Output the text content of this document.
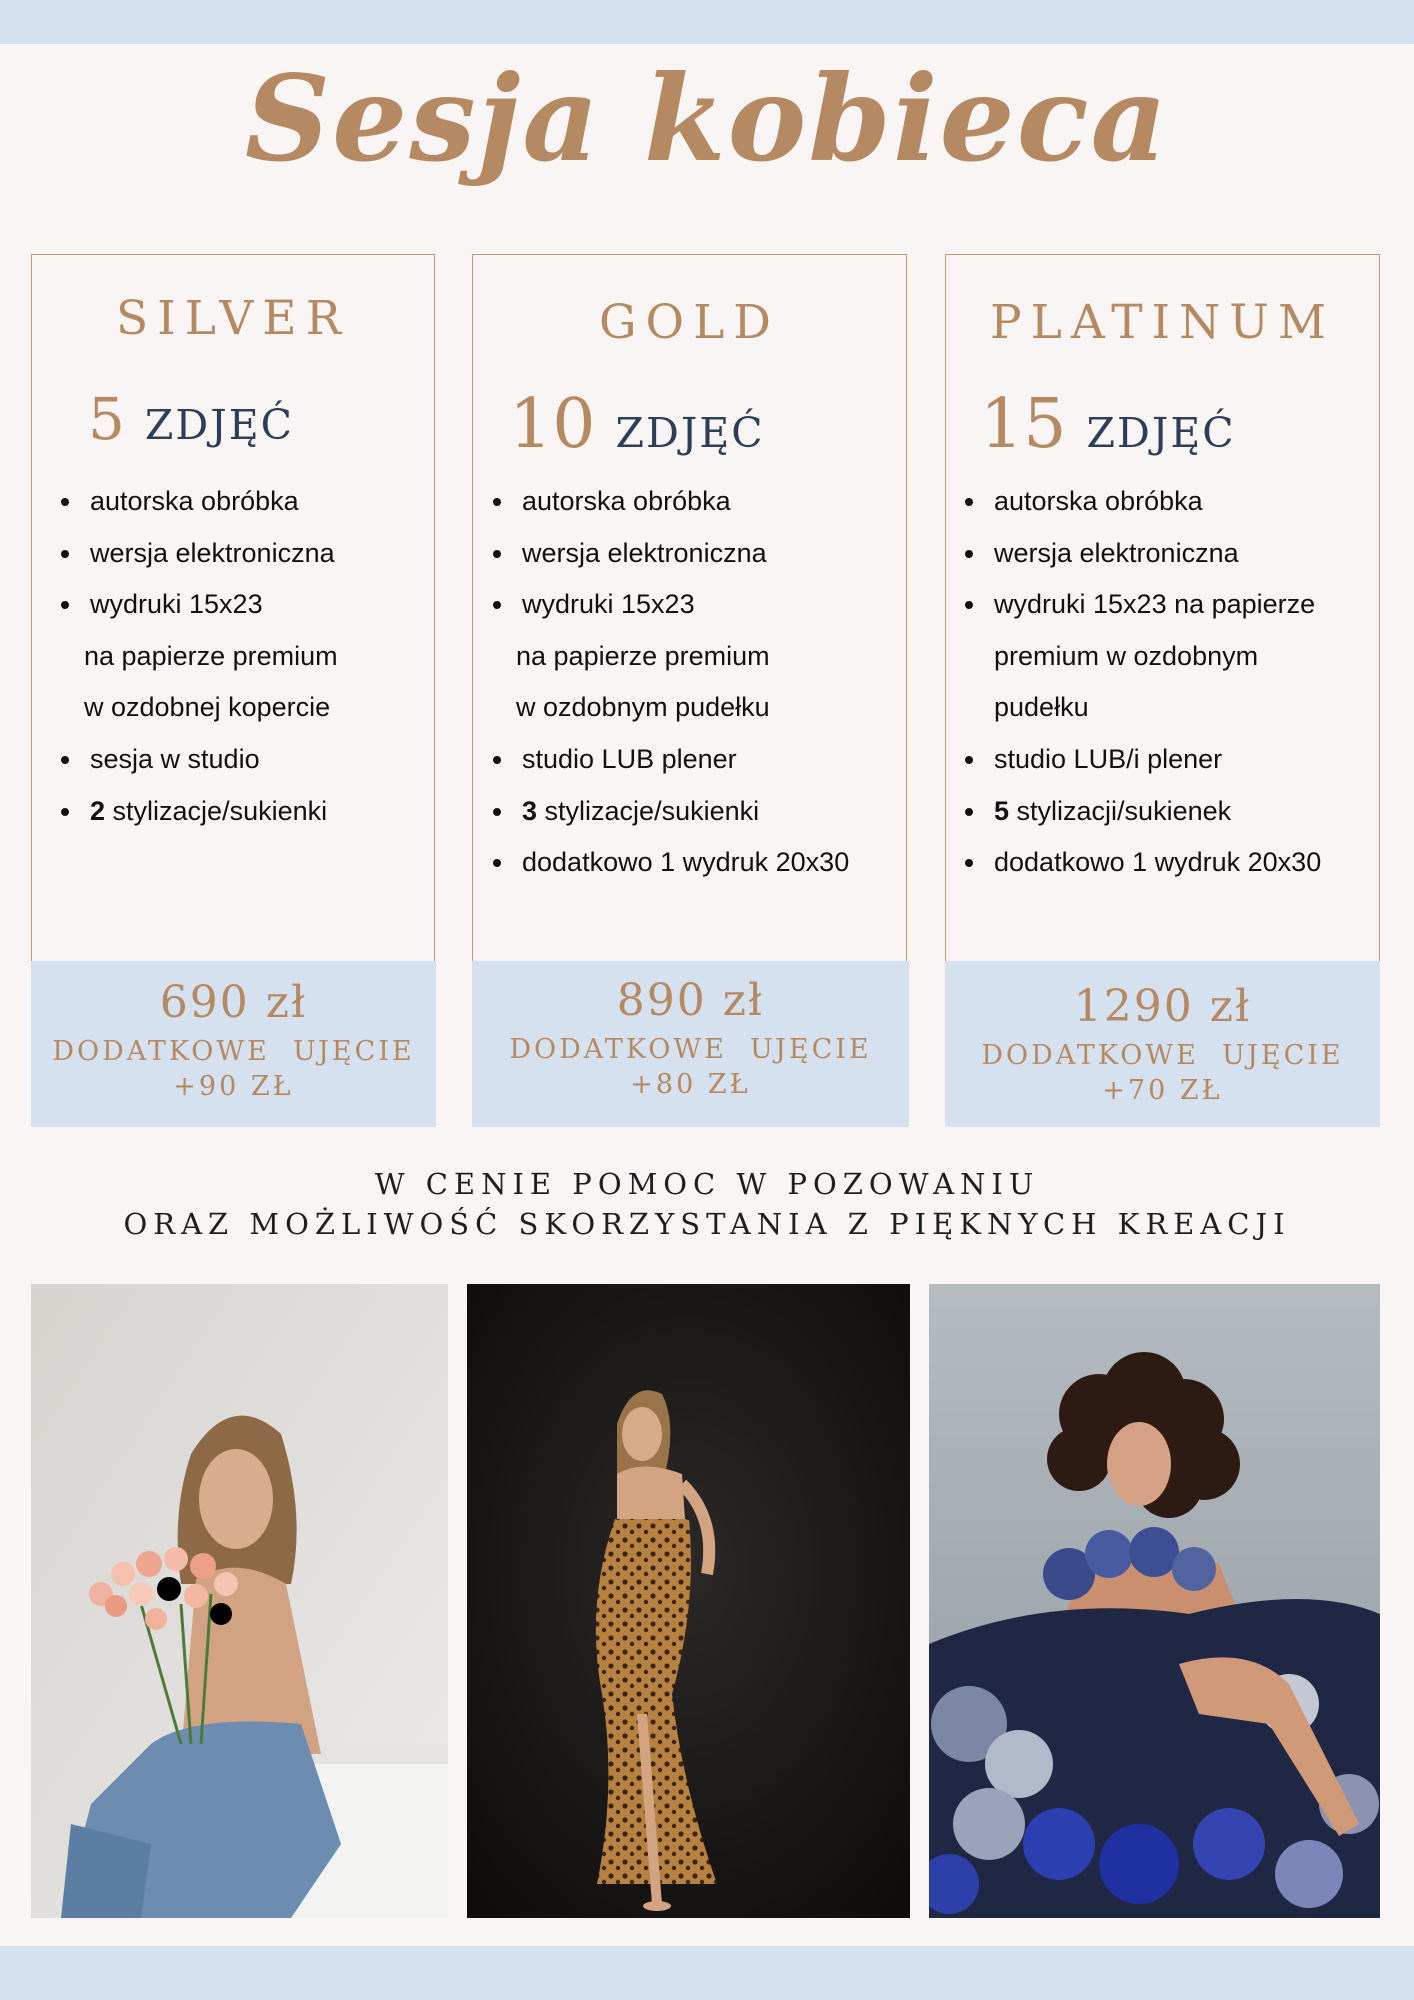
Sesja kobieca
SILVER
5 ZDJĘĆ
autorska obróbka
wersja elektroniczna
wydruki 15x23
na papierze premium
w ozdobnej kopercie
sesja w studio
2 stylizacje/sukienki
690 zł
DODATKOWE  UJĘCIE
+90 ZŁ
GOLD
10 ZDJĘĆ
autorska obróbka
wersja elektroniczna
wydruki 15x23
na papierze premium
w ozdobnym pudełku
studio LUB plener
3 stylizacje/sukienki
dodatkowo 1 wydruk 20x30
890 zł
DODATKOWE  UJĘCIE
+80 ZŁ
PLATINUM
15 ZDJĘĆ
autorska obróbka
wersja elektroniczna
wydruki 15x23 na papierze
premium w ozdobnym
pudełku
studio LUB/i plener
5 stylizacji/sukienek
dodatkowo 1 wydruk 20x30
1290 zł
DODATKOWE  UJĘCIE
+70 ZŁ
W CENIE POMOC W POZOWANIU
ORAZ MOŻLIWOŚĆ SKORZYSTANIA Z PIĘKNYCH KREACJI
